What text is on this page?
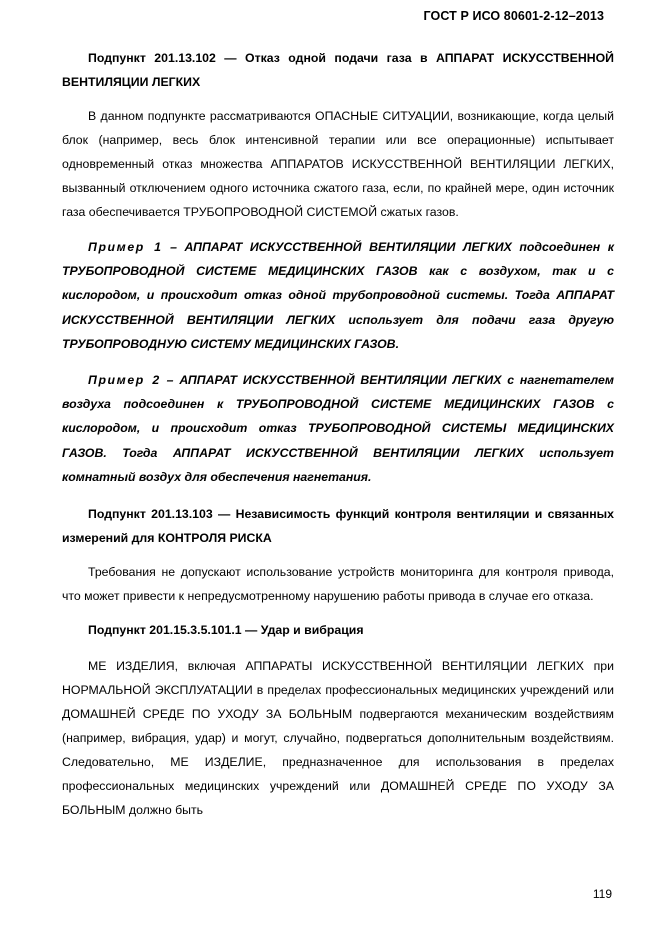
ГОСТ Р ИСО 80601-2-12–2013

Подпункт 201.13.102 — Отказ одной подачи газа в АППАРАТ ИСКУССТВЕННОЙ ВЕНТИЛЯЦИИ ЛЕГКИХ

В данном подпункте рассматриваются ОПАСНЫЕ СИТУАЦИИ, возникающие, когда целый блок (например, весь блок интенсивной терапии или все операционные) испытывает одновременный отказ множества АППАРАТОВ ИСКУССТВЕННОЙ ВЕНТИЛЯЦИИ ЛЕГКИХ, вызванный отключением одного источника сжатого газа, если, по крайней мере, один источник газа обеспечивается ТРУБОПРОВОДНОЙ СИСТЕМОЙ сжатых газов.

Пример 1 – АППАРАТ ИСКУССТВЕННОЙ ВЕНТИЛЯЦИИ ЛЕГКИХ подсоединен к ТРУБОПРОВОДНОЙ СИСТЕМЕ МЕДИЦИНСКИХ ГАЗОВ как с воздухом, так и с кислородом, и происходит отказ одной трубопроводной системы. Тогда АППАРАТ ИСКУССТВЕННОЙ ВЕНТИЛЯЦИИ ЛЕГКИХ использует для подачи газа другую ТРУБОПРОВОДНУЮ СИСТЕМУ МЕДИЦИНСКИХ ГАЗОВ.

Пример 2 – АППАРАТ ИСКУССТВЕННОЙ ВЕНТИЛЯЦИИ ЛЕГКИХ с нагнетателем воздуха подсоединен к ТРУБОПРОВОДНОЙ СИСТЕМЕ МЕДИЦИНСКИХ ГАЗОВ с кислородом, и происходит отказ ТРУБОПРОВОДНОЙ СИСТЕМЫ МЕДИЦИНСКИХ ГАЗОВ. Тогда АППАРАТ ИСКУССТВЕННОЙ ВЕНТИЛЯЦИИ ЛЕГКИХ использует комнатный воздух для обеспечения нагнетания.

Подпункт 201.13.103 — Независимость функций контроля вентиляции и связанных измерений для КОНТРОЛЯ РИСКА

Требования не допускают использование устройств мониторинга для контроля привода, что может привести к непредусмотренному нарушению работы привода в случае его отказа.

Подпункт 201.15.3.5.101.1 — Удар и вибрация

МЕ ИЗДЕЛИЯ, включая АППАРАТЫ ИСКУССТВЕННОЙ ВЕНТИЛЯЦИИ ЛЕГКИХ при НОРМАЛЬНОЙ ЭКСПЛУАТАЦИИ в пределах профессиональных медицинских учреждений или ДОМАШНЕЙ СРЕДЕ ПО УХОДУ ЗА БОЛЬНЫМ подвергаются механическим воздействиям (например, вибрация, удар) и могут, случайно, подвергаться дополнительным воздействиям. Следовательно, МЕ ИЗДЕЛИЕ, предназначенное для использования в пределах профессиональных медицинских учреждений или ДОМАШНЕЙ СРЕДЕ ПО УХОДУ ЗА БОЛЬНЫМ должно быть

119
